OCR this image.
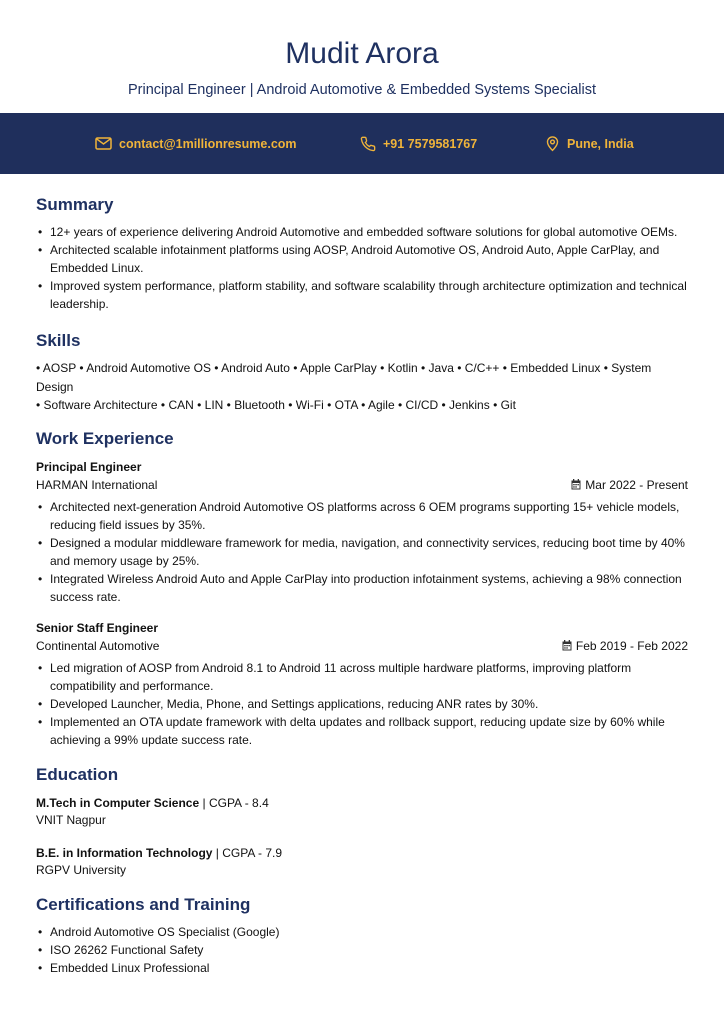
Mudit Arora
Principal Engineer | Android Automotive & Embedded Systems Specialist
contact@1millionresume.com	+91 7579581767	Pune, India
Summary
• 12+ years of experience delivering Android Automotive and embedded software solutions for global automotive OEMs.
• Architected scalable infotainment platforms using AOSP, Android Automotive OS, Android Auto, Apple CarPlay, and Embedded Linux.
• Improved system performance, platform stability, and software scalability through architecture optimization and technical leadership.
Skills
• AOSP • Android Automotive OS • Android Auto • Apple CarPlay • Kotlin • Java • C/C++ • Embedded Linux • System Design
• Software Architecture • CAN • LIN • Bluetooth • Wi-Fi • OTA • Agile • CI/CD • Jenkins • Git
Work Experience
Principal Engineer
HARMAN International	Mar 2022 - Present
• Architected next-generation Android Automotive OS platforms across 6 OEM programs supporting 15+ vehicle models, reducing field issues by 35%.
• Designed a modular middleware framework for media, navigation, and connectivity services, reducing boot time by 40% and memory usage by 25%.
• Integrated Wireless Android Auto and Apple CarPlay into production infotainment systems, achieving a 98% connection success rate.
Senior Staff Engineer
Continental Automotive	Feb 2019 - Feb 2022
• Led migration of AOSP from Android 8.1 to Android 11 across multiple hardware platforms, improving platform compatibility and performance.
• Developed Launcher, Media, Phone, and Settings applications, reducing ANR rates by 30%.
• Implemented an OTA update framework with delta updates and rollback support, reducing update size by 60% while achieving a 99% update success rate.
Education
M.Tech in Computer Science | CGPA - 8.4
VNIT Nagpur
B.E. in Information Technology | CGPA - 7.9
RGPV University
Certifications and Training
• Android Automotive OS Specialist (Google)
• ISO 26262 Functional Safety
• Embedded Linux Professional
